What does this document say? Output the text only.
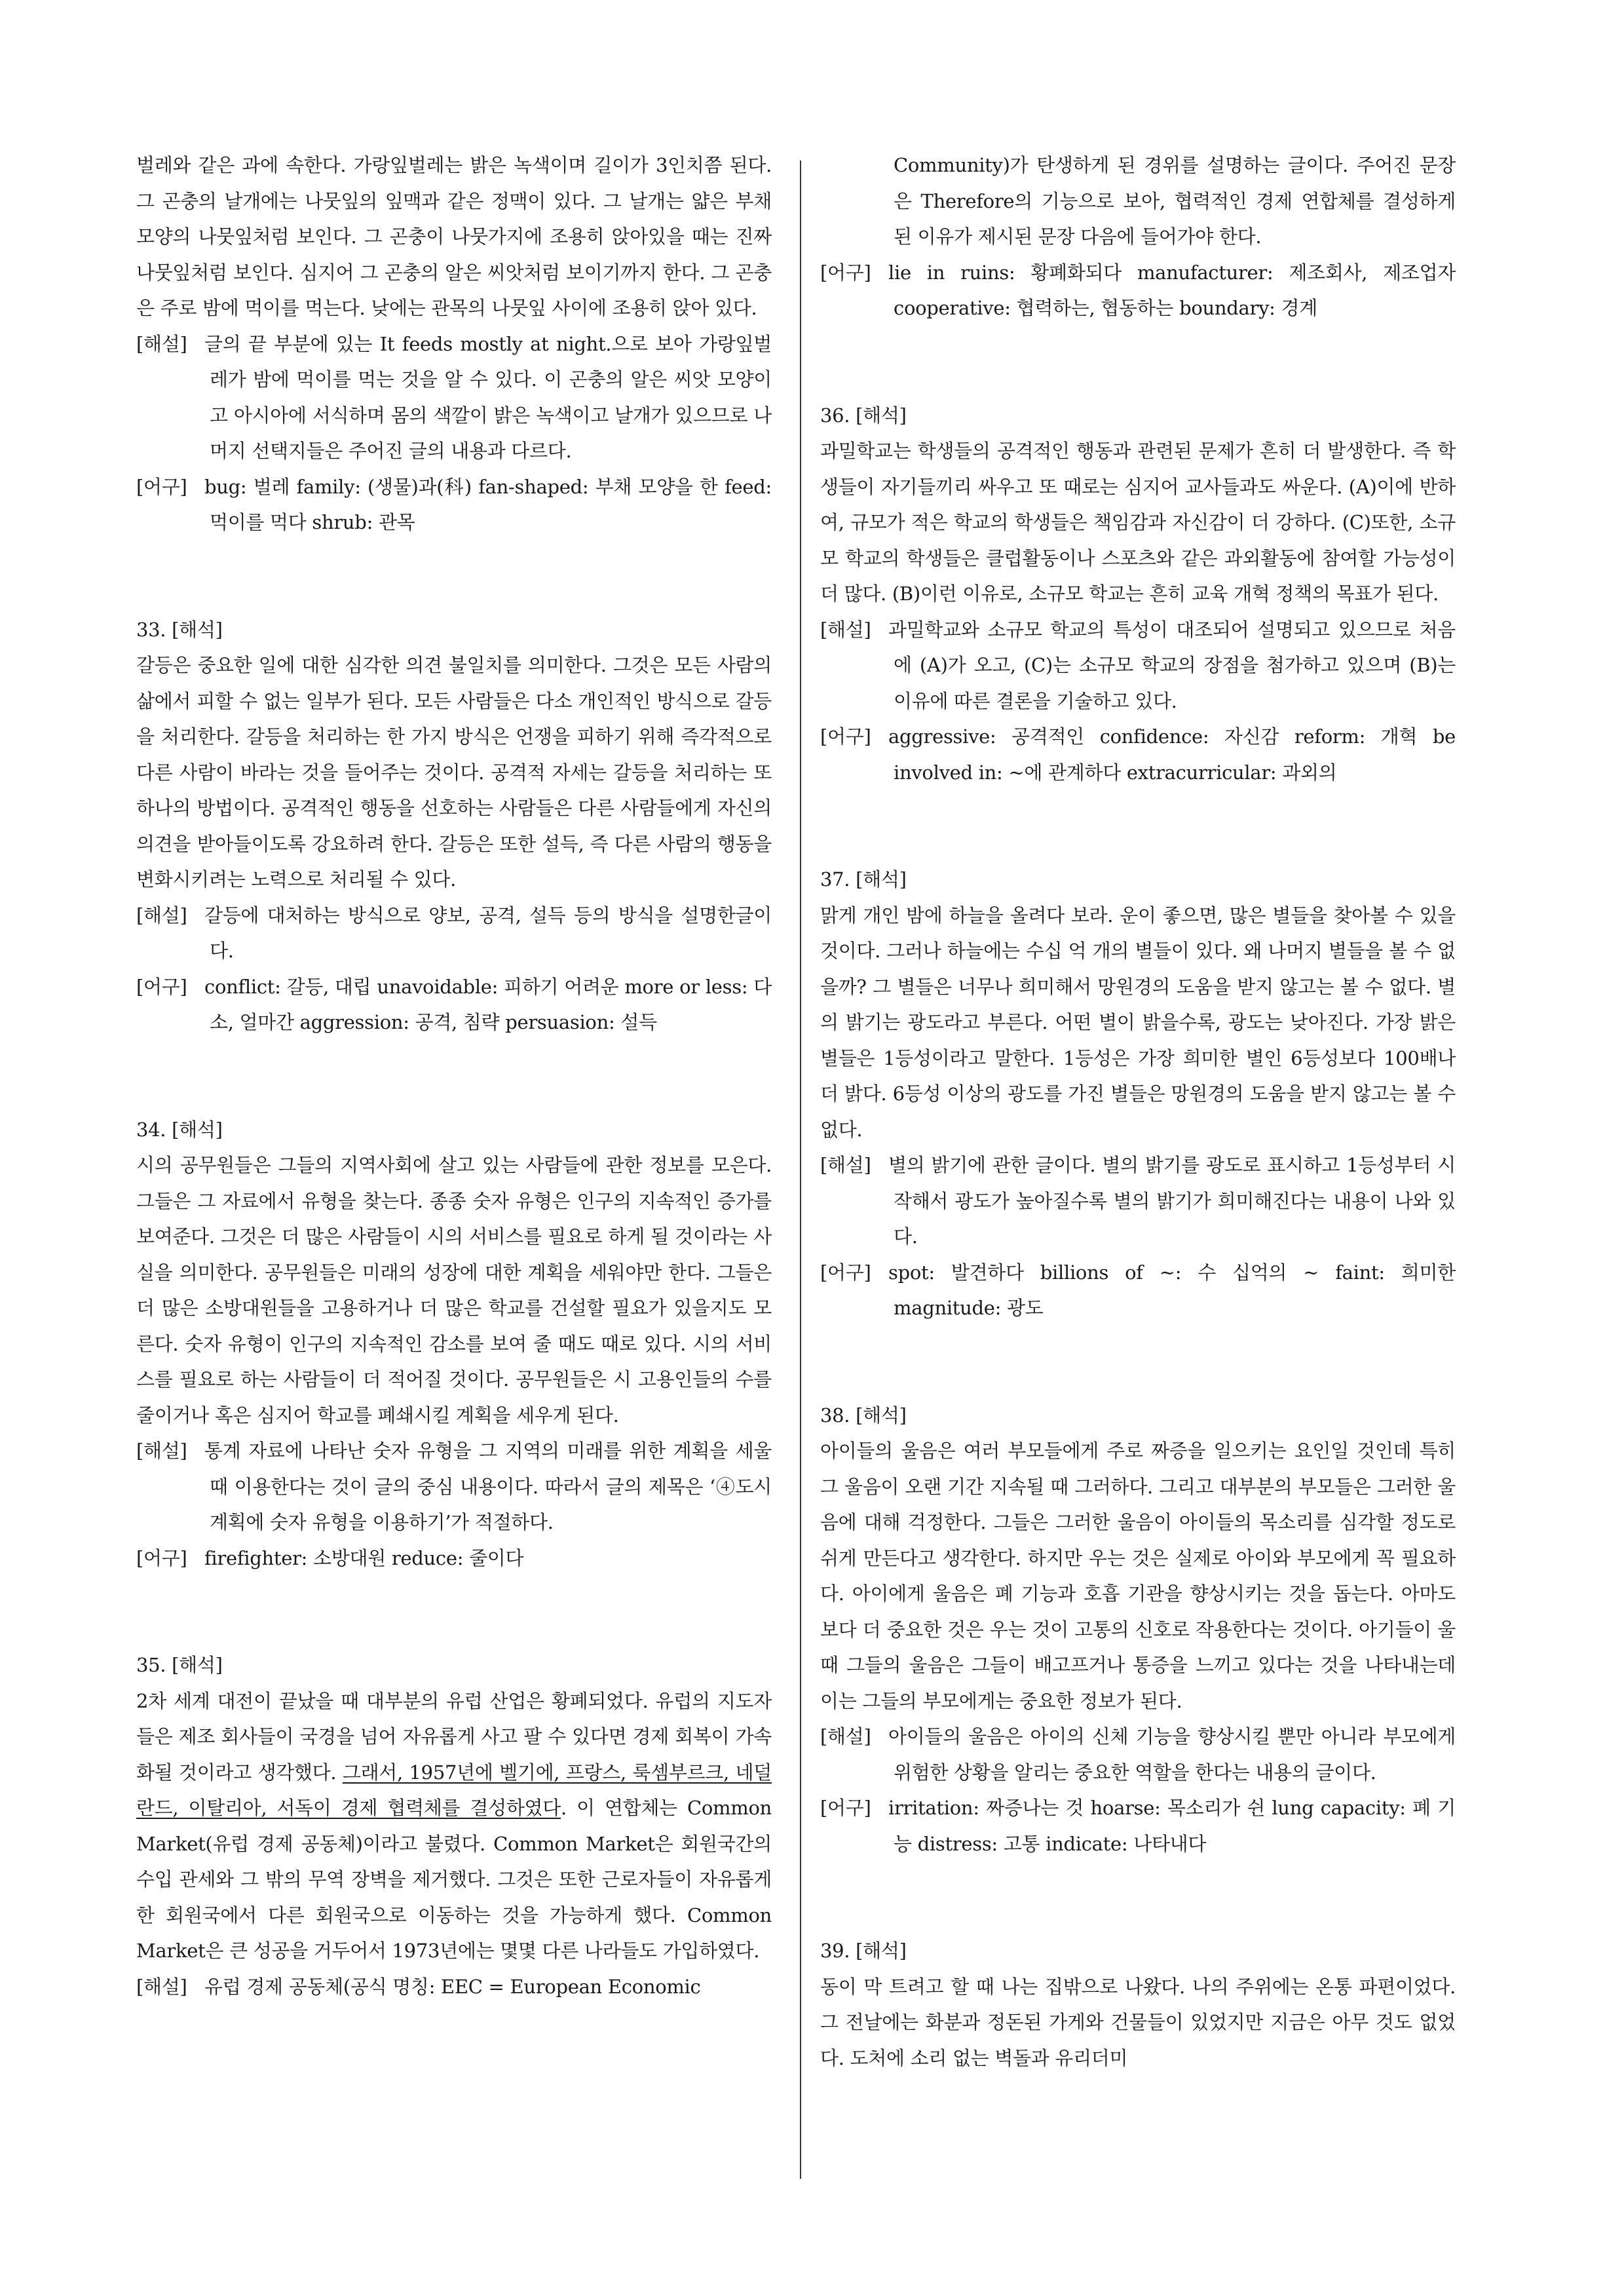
벌레와 같은 과에 속한다. 가랑잎벌레는 밝은 녹색이며 길이가 3인치쯤 된다. 그 곤충의 날개에는 나뭇잎의 잎맥과 같은 정맥이 있다. 그 날개는 얇은 부채 모양의 나뭇잎처럼 보인다. 그 곤충이 나뭇가지에 조용히 앉아있을 때는 진짜 나뭇잎처럼 보인다. 심지어 그 곤충의 알은 씨앗처럼 보이기까지 한다. 그 곤충은 주로 밤에 먹이를 먹는다. 낮에는 관목의 나뭇잎 사이에 조용히 앉아 있다.

[해설] 글의 끝 부분에 있는 It feeds mostly at night.으로 보아 가랑잎벌레가 밤에 먹이를 먹는 것을 알 수 있다. 이 곤충의 알은 씨앗 모양이고 아시아에 서식하며 몸의 색깔이 밝은 녹색이고 날개가 있으므로 나머지 선택지들은 주어진 글의 내용과 다르다.

[어구] bug: 벌레 family: (생물)과(科) fan-shaped: 부채 모양을 한 feed: 먹이를 먹다 shrub: 관목

33. [해석]

갈등은 중요한 일에 대한 심각한 의견 불일치를 의미한다. 그것은 모든 사람의 삶에서 피할 수 없는 일부가 된다. 모든 사람들은 다소 개인적인 방식으로 갈등을 처리한다. 갈등을 처리하는 한 가지 방식은 언쟁을 피하기 위해 즉각적으로 다른 사람이 바라는 것을 들어주는 것이다. 공격적 자세는 갈등을 처리하는 또 하나의 방법이다. 공격적인 행동을 선호하는 사람들은 다른 사람들에게 자신의 의견을 받아들이도록 강요하려 한다. 갈등은 또한 설득, 즉 다른 사람의 행동을 변화시키려는 노력으로 처리될 수 있다.

[해설] 갈등에 대처하는 방식으로 양보, 공격, 설득 등의 방식을 설명한글이다.

[어구] conflict: 갈등, 대립 unavoidable: 피하기 어려운 more or less: 다소, 얼마간 aggression: 공격, 침략 persuasion: 설득

34. [해석]

시의 공무원들은 그들의 지역사회에 살고 있는 사람들에 관한 정보를 모은다. 그들은 그 자료에서 유형을 찾는다. 종종 숫자 유형은 인구의 지속적인 증가를 보여준다. 그것은 더 많은 사람들이 시의 서비스를 필요로 하게 될 것이라는 사실을 의미한다. 공무원들은 미래의 성장에 대한 계획을 세워야만 한다. 그들은 더 많은 소방대원들을 고용하거나 더 많은 학교를 건설할 필요가 있을지도 모른다. 숫자 유형이 인구의 지속적인 감소를 보여 줄 때도 때로 있다. 시의 서비스를 필요로 하는 사람들이 더 적어질 것이다. 공무원들은 시 고용인들의 수를 줄이거나 혹은 심지어 학교를 폐쇄시킬 계획을 세우게 된다.

[해설] 통계 자료에 나타난 숫자 유형을 그 지역의 미래를 위한 계획을 세울 때 이용한다는 것이 글의 중심 내용이다. 따라서 글의 제목은 ‘④도시 계획에 숫자 유형을 이용하기’가 적절하다.

[어구] firefighter: 소방대원 reduce: 줄이다

35. [해석]

2차 세계 대전이 끝났을 때 대부분의 유럽 산업은 황폐되었다. 유럽의 지도자들은 제조 회사들이 국경을 넘어 자유롭게 사고 팔 수 있다면 경제 회복이 가속화될 것이라고 생각했다. 그래서, 1957년에 벨기에, 프랑스, 룩셈부르크, 네덜란드, 이탈리아, 서독이 경제 협력체를 결성하였다. 이 연합체는 Common Market(유럽 경제 공동체)이라고 불렸다. Common Market은 회원국간의 수입 관세와 그 밖의 무역 장벽을 제거했다. 그것은 또한 근로자들이 자유롭게 한 회원국에서 다른 회원국으로 이동하는 것을 가능하게 했다. Common Market은 큰 성공을 거두어서 1973년에는 몇몇 다른 나라들도 가입하였다.

[해설] 유럽 경제 공동체(공식 명칭: EEC = European Economic

Community)가 탄생하게 된 경위를 설명하는 글이다. 주어진 문장은 Therefore의 기능으로 보아, 협력적인 경제 연합체를 결성하게 된 이유가 제시된 문장 다음에 들어가야 한다.

[어구] lie in ruins: 황폐화되다 manufacturer: 제조회사, 제조업자 cooperative: 협력하는, 협동하는 boundary: 경계

36. [해석]

과밀학교는 학생들의 공격적인 행동과 관련된 문제가 흔히 더 발생한다. 즉 학생들이 자기들끼리 싸우고 또 때로는 심지어 교사들과도 싸운다. (A)이에 반하여, 규모가 적은 학교의 학생들은 책임감과 자신감이 더 강하다. (C)또한, 소규모 학교의 학생들은 클럽활동이나 스포츠와 같은 과외활동에 참여할 가능성이 더 많다. (B)이런 이유로, 소규모 학교는 흔히 교육 개혁 정책의 목표가 된다.

[해설] 과밀학교와 소규모 학교의 특성이 대조되어 설명되고 있으므로 처음에 (A)가 오고, (C)는 소규모 학교의 장점을 첨가하고 있으며 (B)는 이유에 따른 결론을 기술하고 있다.

[어구] aggressive: 공격적인 confidence: 자신감 reform: 개혁 be involved in: ~에 관계하다 extracurricular: 과외의

37. [해석]

맑게 개인 밤에 하늘을 올려다 보라. 운이 좋으면, 많은 별들을 찾아볼 수 있을 것이다. 그러나 하늘에는 수십 억 개의 별들이 있다. 왜 나머지 별들을 볼 수 없을까? 그 별들은 너무나 희미해서 망원경의 도움을 받지 않고는 볼 수 없다. 별의 밝기는 광도라고 부른다. 어떤 별이 밝을수록, 광도는 낮아진다. 가장 밝은 별들은 1등성이라고 말한다. 1등성은 가장 희미한 별인 6등성보다 100배나 더 밝다. 6등성 이상의 광도를 가진 별들은 망원경의 도움을 받지 않고는 볼 수 없다.

[해설] 별의 밝기에 관한 글이다. 별의 밝기를 광도로 표시하고 1등성부터 시작해서 광도가 높아질수록 별의 밝기가 희미해진다는 내용이 나와 있다.

[어구] spot: 발견하다 billions of ~: 수 십억의 ~ faint: 희미한 magnitude: 광도

38. [해석]

아이들의 울음은 여러 부모들에게 주로 짜증을 일으키는 요인일 것인데 특히 그 울음이 오랜 기간 지속될 때 그러하다. 그리고 대부분의 부모들은 그러한 울음에 대해 걱정한다. 그들은 그러한 울음이 아이들의 목소리를 심각할 정도로 쉬게 만든다고 생각한다. 하지만 우는 것은 실제로 아이와 부모에게 꼭 필요하다. 아이에게 울음은 폐 기능과 호흡 기관을 향상시키는 것을 돕는다. 아마도 보다 더 중요한 것은 우는 것이 고통의 신호로 작용한다는 것이다. 아기들이 울 때 그들의 울음은 그들이 배고프거나 통증을 느끼고 있다는 것을 나타내는데 이는 그들의 부모에게는 중요한 정보가 된다.

[해설] 아이들의 울음은 아이의 신체 기능을 향상시킬 뿐만 아니라 부모에게 위험한 상황을 알리는 중요한 역할을 한다는 내용의 글이다.

[어구] irritation: 짜증나는 것 hoarse: 목소리가 쉰 lung capacity: 폐 기능 distress: 고통 indicate: 나타내다

39. [해석]

동이 막 트려고 할 때 나는 집밖으로 나왔다. 나의 주위에는 온통 파편이었다. 그 전날에는 화분과 정돈된 가게와 건물들이 있었지만 지금은 아무 것도 없었다. 도처에 소리 없는 벽돌과 유리더미
